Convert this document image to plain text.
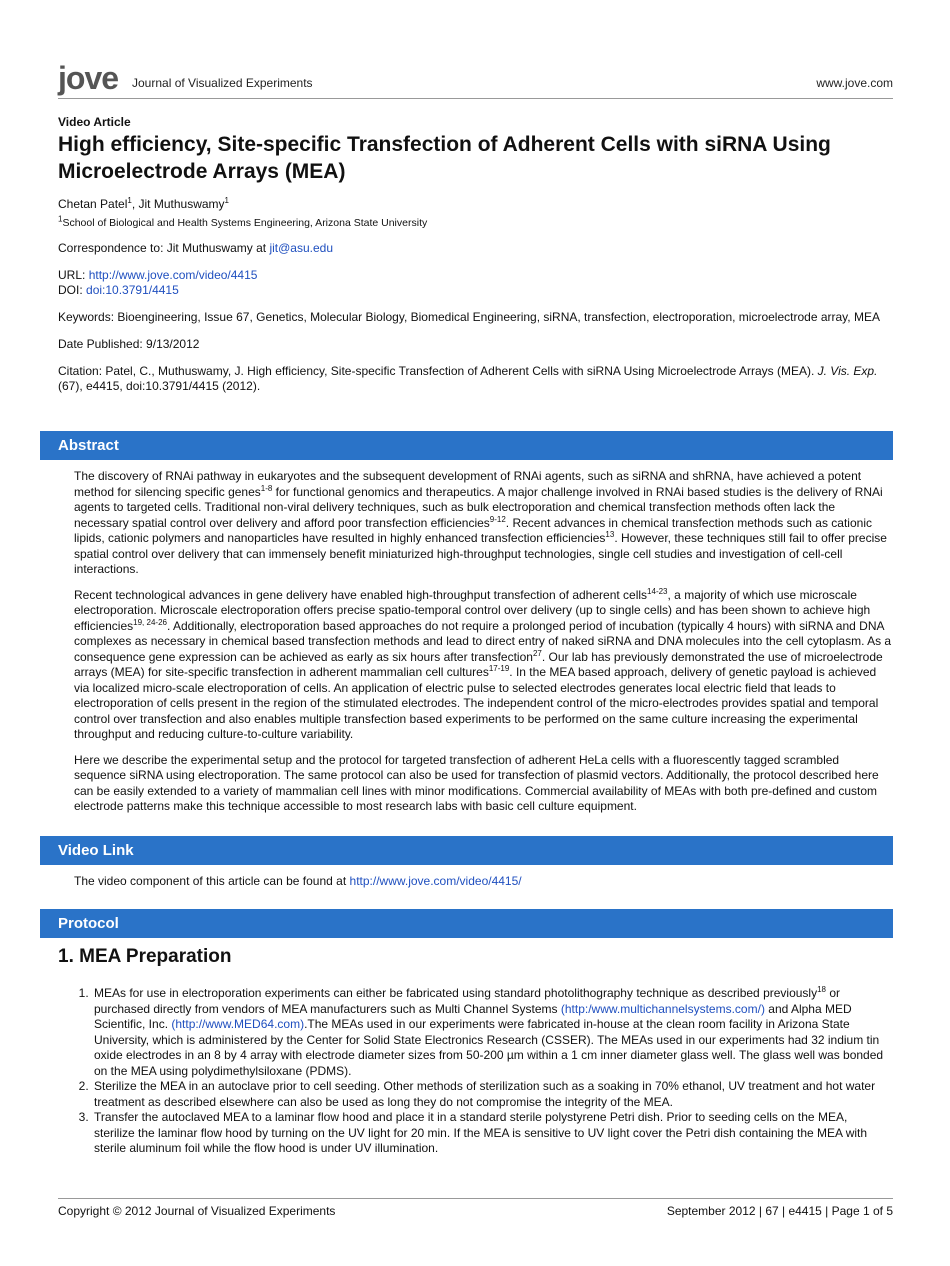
jove Journal of Visualized Experiments	www.jove.com

Video Article

High efficiency, Site-specific Transfection of Adherent Cells with siRNA Using Microelectrode Arrays (MEA)
Chetan Patel$^1$, Jit Muthuswamy$^1$
$^1$School of Biological and Health Systems Engineering, Arizona State University
Correspondence to: Jit Muthuswamy at jit@asu.edu

URL: http://www.jove.com/video/4415

DOI: doi:10.3791/4415

Keywords: Bioengineering, Issue 67, Genetics, Molecular Biology, Biomedical Engineering, siRNA, transfection, electroporation, microelectrode array, MEA
Date Published: 9/13/2012
Citation: Patel, C., Muthuswamy, J. High efficiency, Site-specific Transfection of Adherent Cells with siRNA Using Microelectrode Arrays (MEA). J. Vis. Exp. (67), e4415, doi:10.3791/4415 (2012).
Abstract

The discovery of RNAi pathway in eukaryotes and the subsequent development of RNAi agents, such as siRNA and shRNA, have achieved a potent method for silencing specific genes$^{1-8}$ for functional genomics and therapeutics. A major challenge involved in RNAi based studies is the delivery of RNAi agents to targeted cells. Traditional non-viral delivery techniques, such as bulk electroporation and chemical transfection methods often lack the necessary spatial control over delivery and afford poor transfection efficiencies$^{9-12}$. Recent advances in chemical transfection methods such as cationic lipids, cationic polymers and nanoparticles have resulted in highly enhanced transfection efficiencies$^{13}$. However, these techniques still fail to offer precise spatial control over delivery that can immensely benefit miniaturized high-throughput technologies, single cell studies and investigation of cell-cell interactions.

Recent technological advances in gene delivery have enabled high-throughput transfection of adherent cells$^{14-23}$, a majority of which use microscale electroporation. Microscale electroporation offers precise spatio-temporal control over delivery (up to single cells) and has been shown to achieve high efficiencies$^{19, 24-26}$. Additionally, electroporation based approaches do not require a prolonged period of incubation (typically 4 hours) with siRNA and DNA complexes as necessary in chemical based transfection methods and lead to direct entry of naked siRNA and DNA molecules into the cell cytoplasm. As a consequence gene expression can be achieved as early as six hours after transfection$^{27}$. Our lab has previously demonstrated the use of microelectrode arrays (MEA) for site-specific transfection in adherent mammalian cell cultures$^{17-19}$. In the MEA based approach, delivery of genetic payload is achieved via localized micro-scale electroporation of cells. An application of electric pulse to selected electrodes generates local electric field that leads to electroporation of cells present in the region of the stimulated electrodes. The independent control of the micro-electrodes provides spatial and temporal control over transfection and also enables multiple transfection based experiments to be performed on the same culture increasing the experimental throughput and reducing culture-to-culture variability.

Here we describe the experimental setup and the protocol for targeted transfection of adherent HeLa cells with a fluorescently tagged scrambled sequence siRNA using electroporation. The same protocol can also be used for transfection of plasmid vectors. Additionally, the protocol described here can be easily extended to a variety of mammalian cell lines with minor modifications. Commercial availability of MEAs with both pre-defined and custom electrode patterns make this technique accessible to most research labs with basic cell culture equipment.

Video Link

The video component of this article can be found at http://www.jove.com/video/4415/

Protocol
1. MEA Preparation
1. MEAs for use in electroporation experiments can either be fabricated using standard photolithography technique as described previously$^{18}$ or purchased directly from vendors of MEA manufacturers such as Multi Channel Systems (http:/www.multichannelsystems.com/) and Alpha MED Scientific, Inc. (http://www.MED64.com).The MEAs used in our experiments were fabricated in-house at the clean room facility in Arizona State University, which is administered by the Center for Solid State Electronics Research (CSSER). The MEAs used in our experiments had 32 indium tin oxide electrodes in an 8 by 4 array with electrode diameter sizes from 50-200 µm within a 1 cm inner diameter glass well. The glass well was bonded on the MEA using polydimethylsiloxane (PDMS).
2. Sterilize the MEA in an autoclave prior to cell seeding. Other methods of sterilization such as a soaking in 70% ethanol, UV treatment and hot water treatment as described elsewhere can also be used as long they do not compromise the integrity of the MEA.
3. Transfer the autoclaved MEA to a laminar flow hood and place it in a standard sterile polystyrene Petri dish. Prior to seeding cells on the MEA, sterilize the laminar flow hood by turning on the UV light for 20 min. If the MEA is sensitive to UV light cover the Petri dish containing the MEA with sterile aluminum foil while the flow hood is under UV illumination.
Copyright © 2012 Journal of Visualized Experiments	September 2012 | 67 | e4415 | Page 1 of 5
